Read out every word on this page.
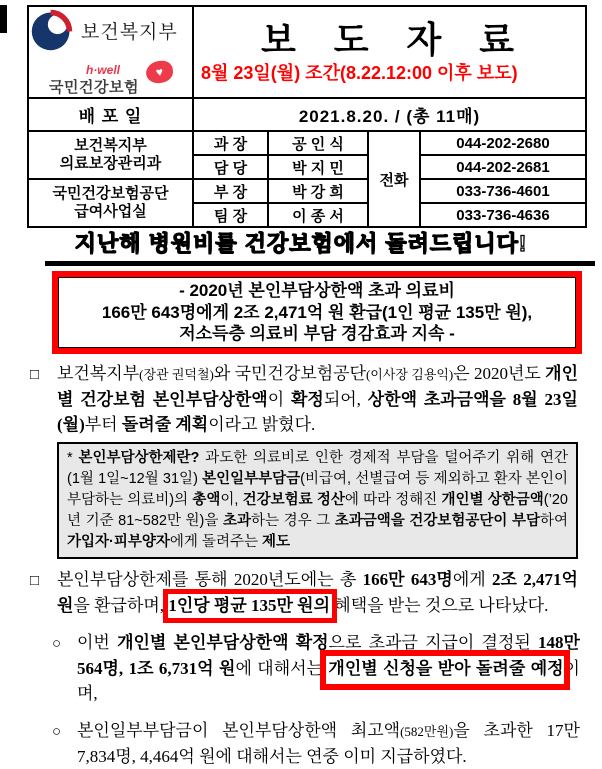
보건복지부
h·well
국민건강보험
♥

보 도 자 료
8월 23일(월) 조간(8.22.12:00 이후 보도)

배 포 일	2021.8.20. / (총 11매)			

보건복지부
의료보장관리과	과 장	공 인 식	전화	044-202-2680
	담 당	박 지 민		044-202-2681

국민건강보험공단
급여사업실	부 장	박 강 희		033-736-4601
	팀 장	이 종 서		033-736-4636
지난해 병원비를 건강보험에서 돌려드립니다!
- 2020년 본인부담상한액 초과 의료비
166만 643명에게 2조 2,471억 원 환급(1인 평균 135만 원),
저소득층 의료비 부담 경감효과 지속 -
□ 보건복지부(장관 권덕철)와 국민건강보험공단(이사장 김용익)은 2020년도 개인별 건강보험 본인부담상한액이 확정되어, 상한액 초과금액을 8월 23일(월)부터 돌려줄 계획이라고 밝혔다.
* 본인부담상한제란? 과도한 의료비로 인한 경제적 부담을 덜어주기 위해 연간 (1월 1일~12월 31일) 본인일부부담금(비급여, 선별급여 등 제외하고 환자 본인이 부담하는 의료비)의 총액이, 건강보험료 정산에 따라 정해진 개인별 상한금액(’20년 기준 81~582만 원)을 초과하는 경우 그 초과금액을 건강보험공단이 부담하여 가입자·피부양자에게 돌려주는 제도
□ 본인부담상한제를 통해 2020년도에는 총 166만 643명에게 2조 2,471억 원을 환급하며, 1인당 평균 135만 원의
혜택을 받는 것으로 나타났다.
○ 이번 개인별 본인부담상한액 확정으로 초과금 지급이 결정된 148만 564명, 1조 6,731억 원에 대해서는 개인별 신청을 받아 돌려줄 예정
이며,
○ 본인일부부담금이 본인부담상한액 최고액(582만원)을 초과한 17만 7,834명, 4,464억 원에 대해서는 연중 이미 지급하였다.
